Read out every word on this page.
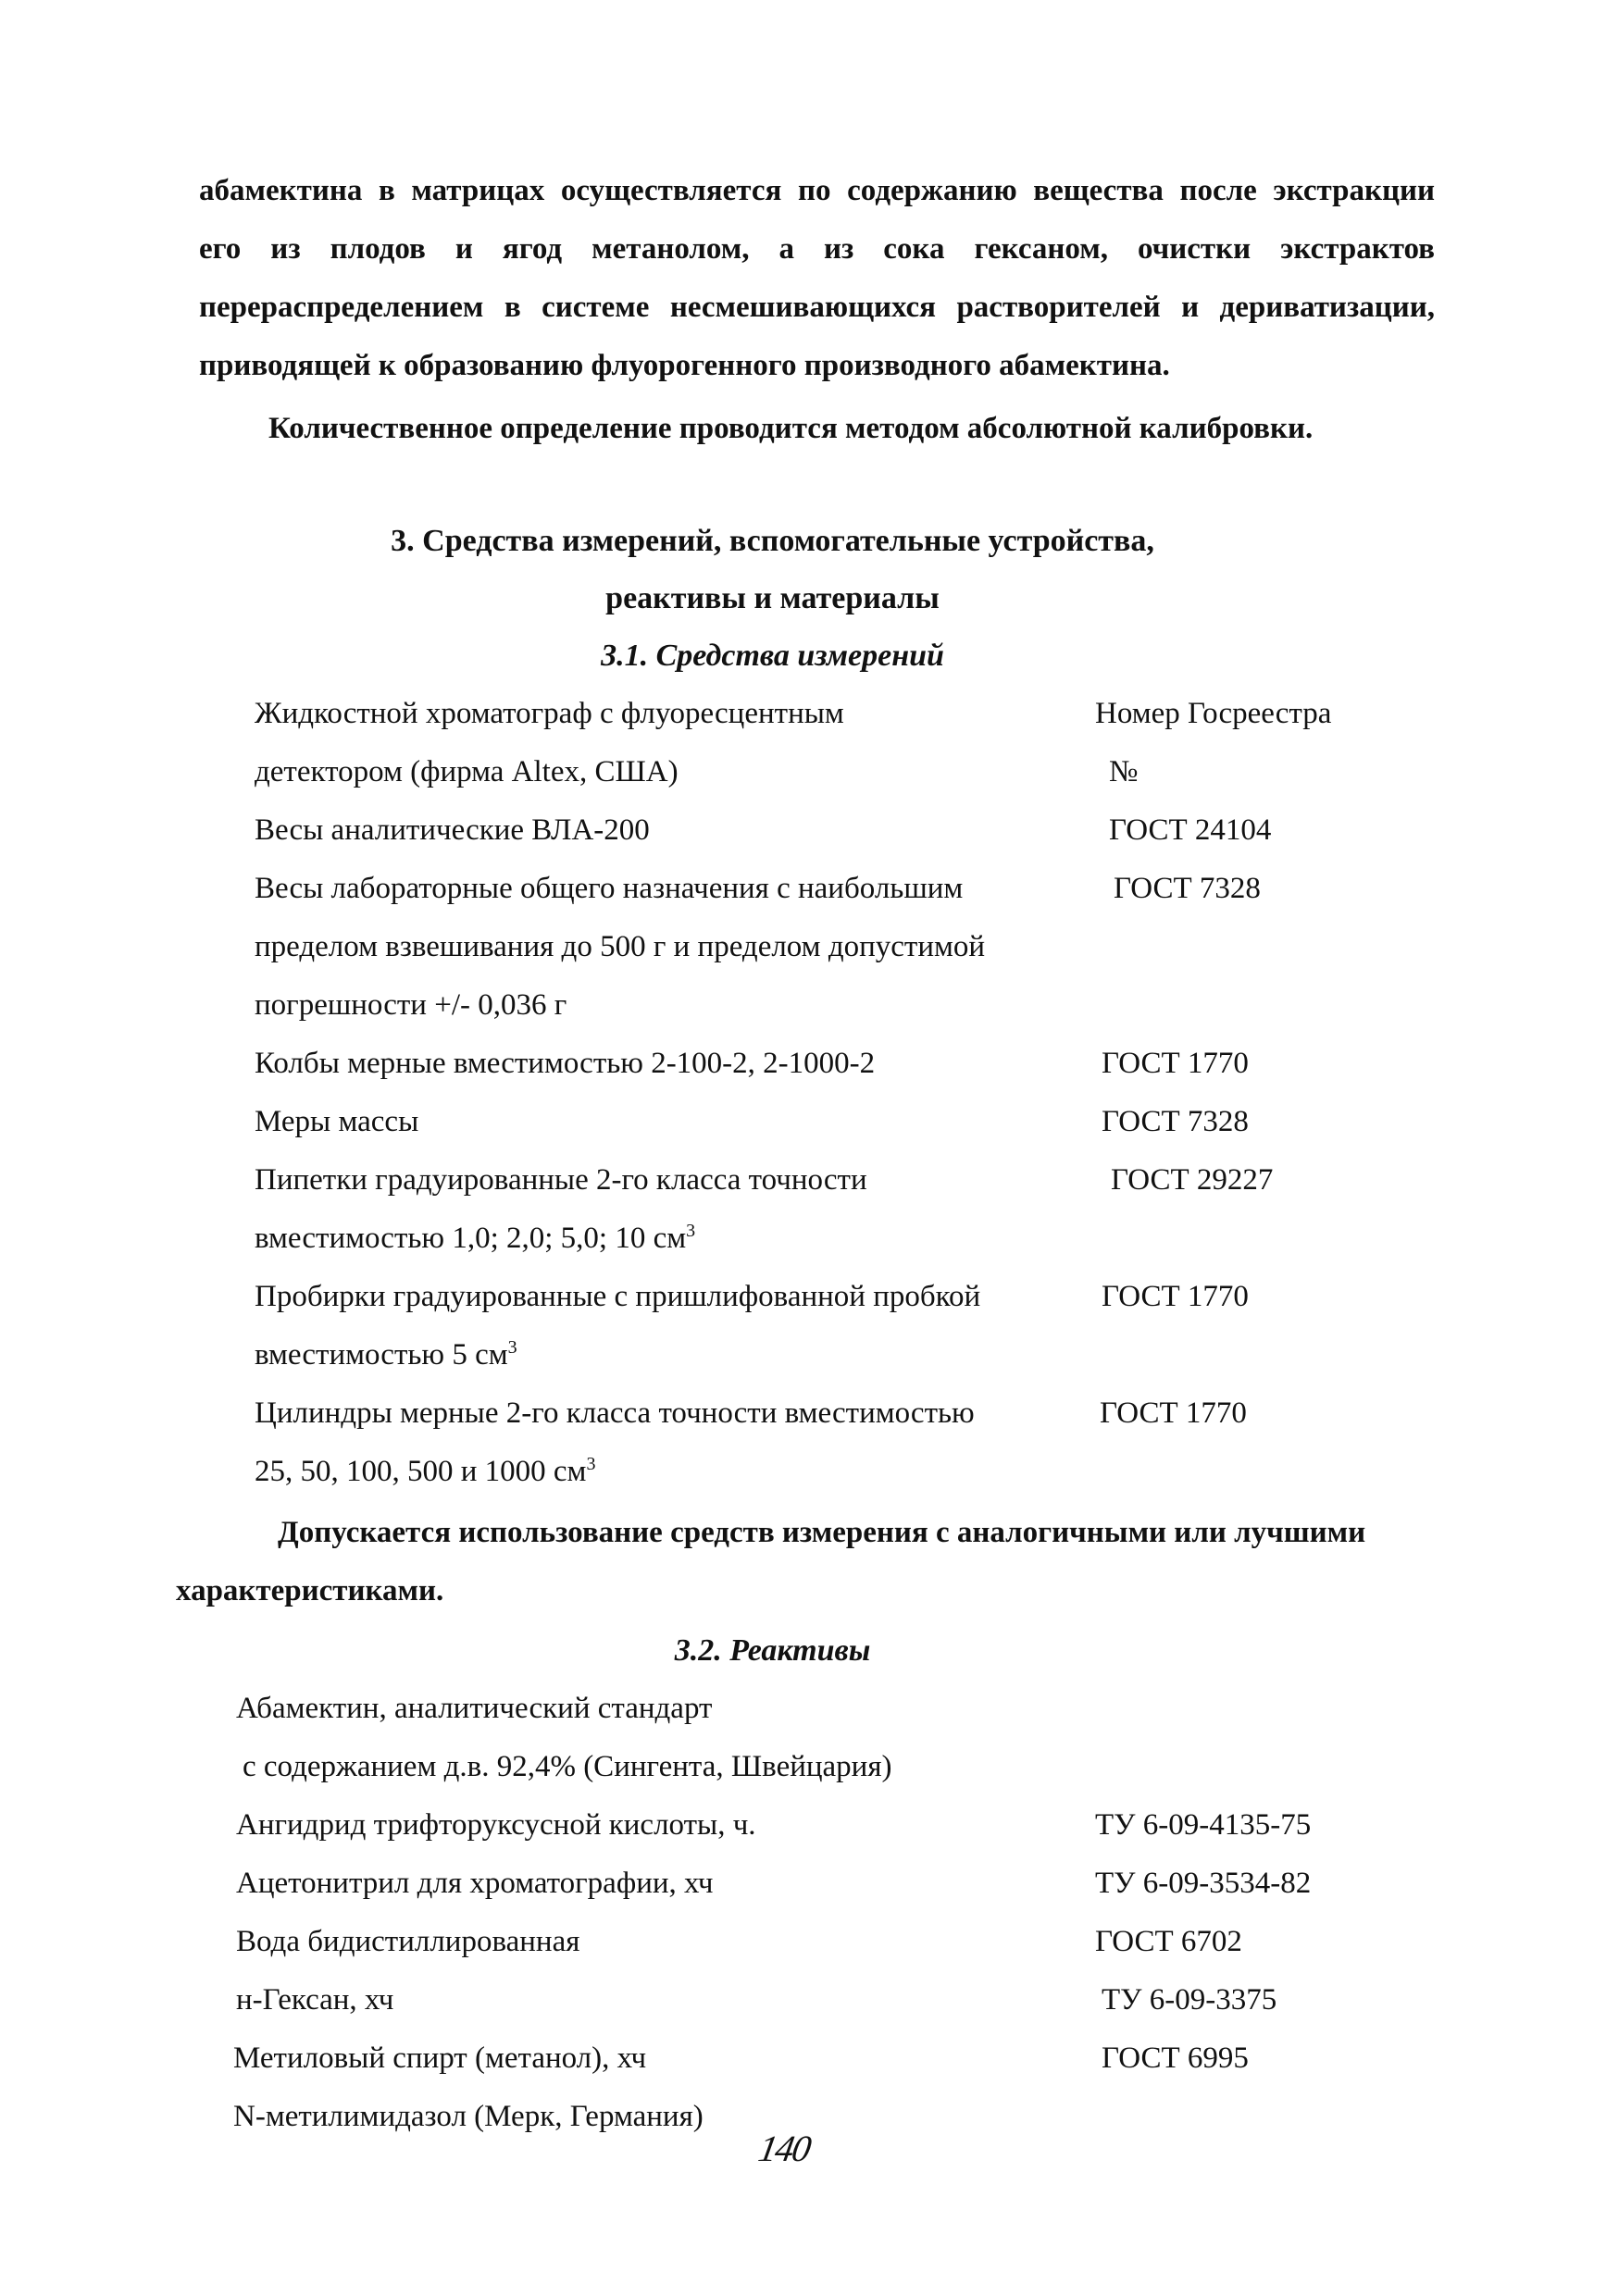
абамектина в матрицах осуществляется по содержанию вещества после экстракции
его из плодов и ягод метанолом, а из сока гексаном, очистки экстрактов
перераспределением в системе несмешивающихся растворителей и дериватизации,
приводящей к образованию флуорогенного производного абамектина.
Количественное определение проводится методом абсолютной калибровки.
3. Средства измерений, вспомогательные устройства,
реактивы и материалы
3.1. Средства измерений
Жидкостной хроматограф с флуоресцентным	Номер Госреестра
детектором (фирма Altex, США)	№
Весы аналитические ВЛА-200	ГОСТ 24104
Весы лабораторные общего назначения с наибольшим	ГОСТ 7328
пределом взвешивания до 500 г и пределом допустимой
погрешности +/- 0,036 г
Колбы мерные вместимостью 2-100-2, 2-1000-2	ГОСТ 1770
Меры массы	ГОСТ 7328
Пипетки градуированные 2-го класса точности	ГОСТ 29227
вместимостью 1,0; 2,0; 5,0; 10 $см^3$
Пробирки градуированные с пришлифованной пробкой	ГОСТ 1770
вместимостью 5 $см^3$
Цилиндры мерные 2-го класса точности вместимостью	ГОСТ 1770
25, 50, 100, 500 и 1000 $см^3$
Допускается использование средств измерения с аналогичными или лучшими
характеристиками.
3.2. Реактивы
Абамектин, аналитический стандарт
с содержанием д.в. 92,4% (Сингента, Швейцария)
Ангидрид трифторуксусной кислоты, ч.	ТУ 6-09-4135-75
Ацетонитрил для хроматографии, хч	ТУ 6-09-3534-82
Вода бидистиллированная	ГОСТ 6702
н-Гексан, хч	ТУ 6-09-3375
Метиловый спирт (метанол), хч	ГОСТ 6995
N-метилимидазол (Мерк, Германия)
140
